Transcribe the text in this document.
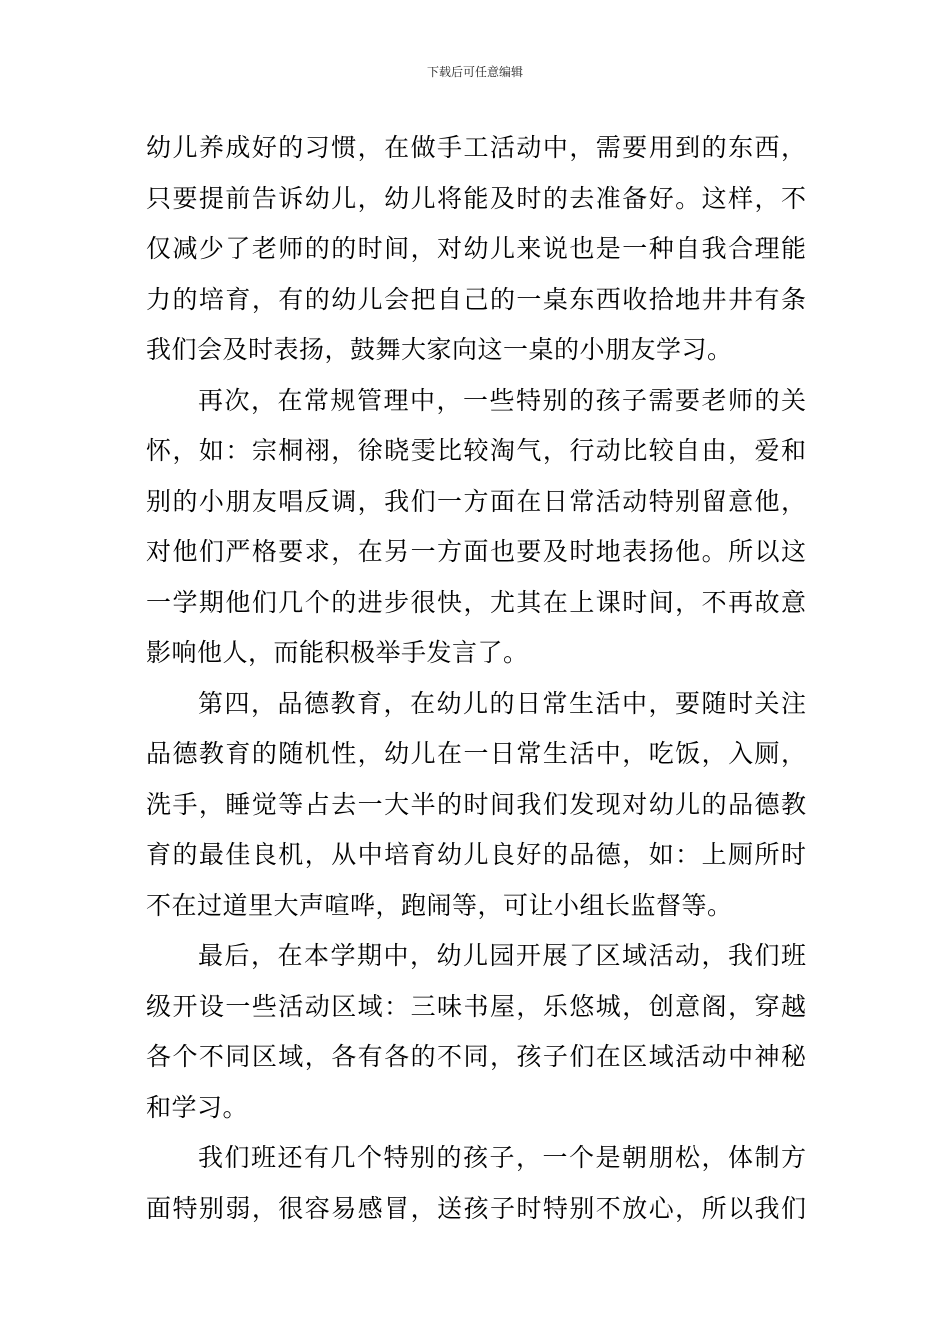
下载后可任意编辑
幼儿养成好的习惯，在做手工活动中，需要用到的东西，
只要提前告诉幼儿，幼儿将能及时的去准备好。这样，不
仅减少了老师的的时间，对幼儿来说也是一种自我合理能
力的培育，有的幼儿会把自己的一桌东西收拾地井井有条
我们会及时表扬，鼓舞大家向这一桌的小朋友学习。
再次，在常规管理中，一些特别的孩子需要老师的关
怀，如：宗桐祤，徐晓雯比较淘气，行动比较自由，爱和
别的小朋友唱反调，我们一方面在日常活动特别留意他，
对他们严格要求，在另一方面也要及时地表扬他。所以这
一学期他们几个的进步很快，尤其在上课时间，不再故意
影响他人，而能积极举手发言了。
第四，品德教育，在幼儿的日常生活中，要随时关注
品德教育的随机性，幼儿在一日常生活中，吃饭，入厕，
洗手，睡觉等占去一大半的时间我们发现对幼儿的品德教
育的最佳良机，从中培育幼儿良好的品德，如：上厕所时
不在过道里大声喧哗，跑闹等，可让小组长监督等。
最后，在本学期中，幼儿园开展了区域活动，我们班
级开设一些活动区域：三味书屋，乐悠城，创意阁，穿越
各个不同区域，各有各的不同，孩子们在区域活动中神秘
和学习。
我们班还有几个特别的孩子，一个是朝朋松，体制方
面特别弱，很容易感冒，送孩子时特别不放心，所以我们
